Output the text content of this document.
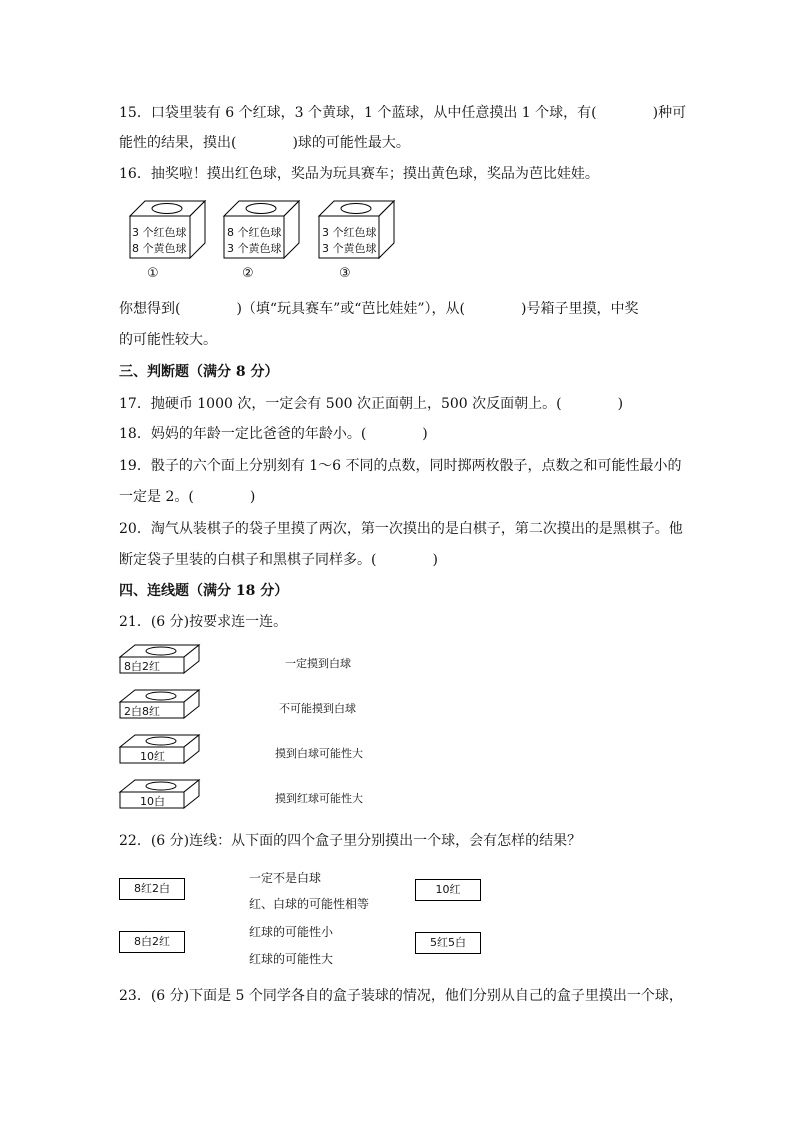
15．口袋里装有 6 个红球，3 个黄球，1 个蓝球，从中任意摸出 1 个球，有(　　　　)种可
能性的结果，摸出(　　　　)球的可能性最大。
16．抽奖啦！摸出红色球，奖品为玩具赛车；摸出黄色球，奖品为芭比娃娃。
3 个红色球
8 个黄色球
8 个红色球
3 个黄色球
3 个红色球
3 个黄色球
①	②	③
你想得到(　　　　)（填“玩具赛车”或“芭比娃娃”），从(　　　　)号箱子里摸，中奖
的可能性较大。
三、判断题（满分 8 分）
17．抛硬币 1000 次，一定会有 500 次正面朝上，500 次反面朝上。(　　　　)
18．妈妈的年龄一定比爸爸的年龄小。(　　　　)
19．骰子的六个面上分别刻有 1～6 不同的点数，同时掷两枚骰子，点数之和可能性最小的
一定是 2。(　　　　)
20．淘气从装棋子的袋子里摸了两次，第一次摸出的是白棋子，第二次摸出的是黑棋子。他
断定袋子里装的白棋子和黑棋子同样多。(　　　　)
四、连线题（满分 18 分）
21．(6 分)按要求连一连。
8白2红
2白8红
10红
10白
一定摸到白球
不可能摸到白球
摸到白球可能性大
摸到红球可能性大
22．(6 分)连线：从下面的四个盒子里分别摸出一个球，会有怎样的结果？
8红2白
8白2红
一定不是白球
红、白球的可能性相等
红球的可能性小
红球的可能性大
10红
5红5白
23．(6 分)下面是 5 个同学各自的盒子装球的情况，他们分别从自己的盒子里摸出一个球，
